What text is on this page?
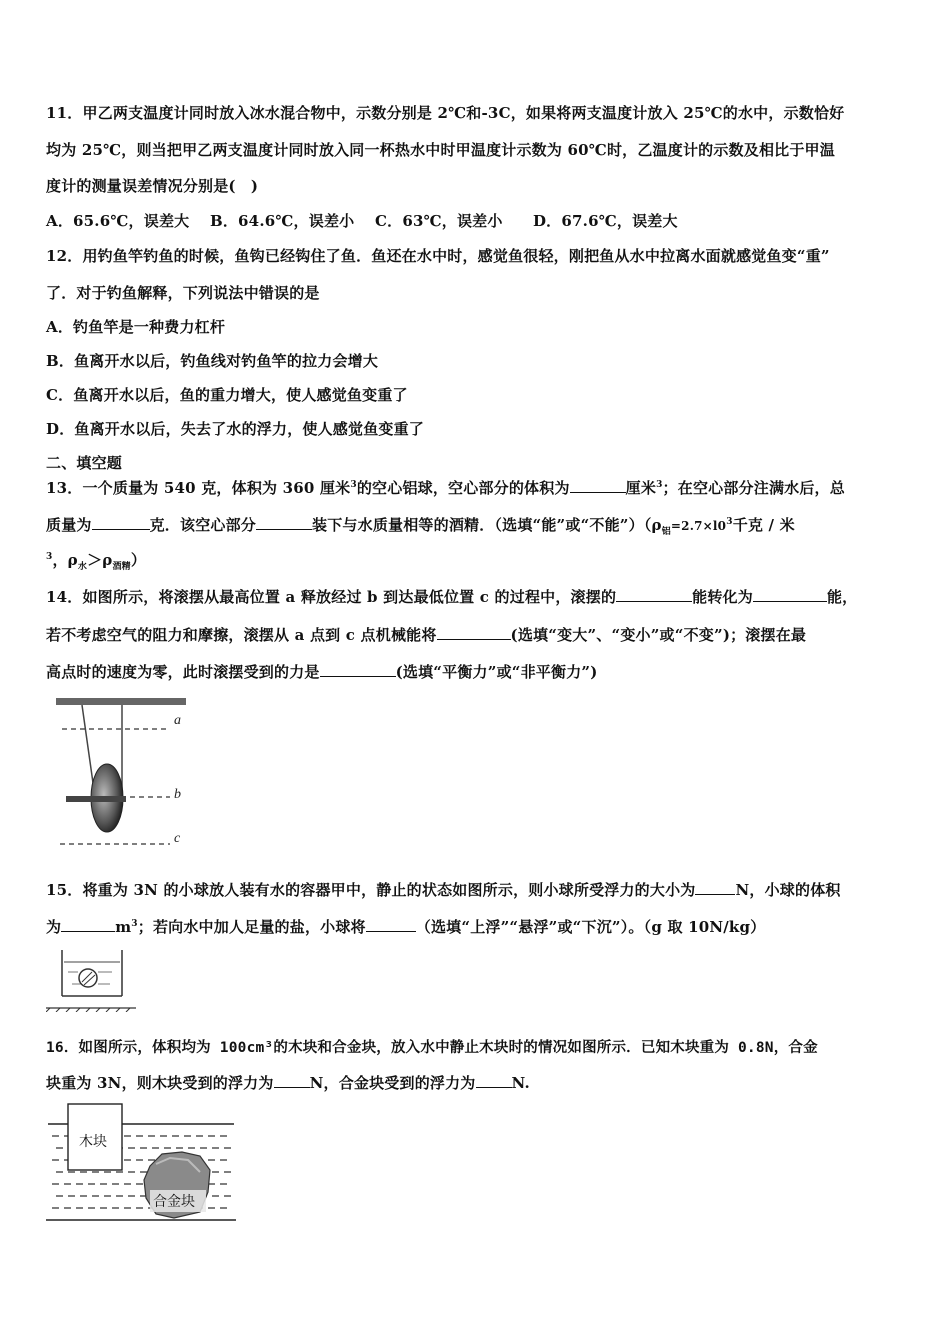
11．甲乙两支温度计同时放入冰水混合物中，示数分别是 2℃和-3C，如果将两支温度计放入 25℃的水中，示数恰好
均为 25℃，则当把甲乙两支温度计同时放入同一杯热水中时甲温度计示数为 60℃时，乙温度计的示数及相比于甲温
度计的测量误差情况分别是(　)
A．65.6℃，误差大　 B．64.6℃，误差小　 C．63℃，误差小　　D．67.6℃，误差大
12．用钓鱼竿钓鱼的时候，鱼钩已经钩住了鱼．鱼还在水中时，感觉鱼很轻，刚把鱼从水中拉离水面就感觉鱼变“重”
了．对于钓鱼解释，下列说法中错误的是
A．钓鱼竿是一种费力杠杆
B．鱼离开水以后，钓鱼线对钓鱼竿的拉力会增大
C．鱼离开水以后，鱼的重力增大，使人感觉鱼变重了
D．鱼离开水以后，失去了水的浮力，使人感觉鱼变重了
二、填空题
13．一个质量为 540 克，体积为 360 厘米$^3$的空心铝球，空心部分的体积为	厘米$^3$；在空心部分注满水后，总
质量为	克．该空心部分	装下与水质量相等的酒精．（选填“能”或“不能$”)(\rho_铝=2.7\times l0^3$千克 / 米
$^3$，$\rho_水>\rho_{酒精}$）
14．如图所示，将滚摆从最高位置 a 释放经过 b 到达最低位置 c 的过程中，滚摆的	能转化为	能，
若不考虑空气的阻力和摩擦，滚摆从 a 点到 c 点机械能将	(选填“变大”、“变小”或“不变”)；滚摆在最
高点时的速度为零，此时滚摆受到的力是	(选填“平衡力”或“非平衡力”)
a
b
c
15．将重为 3N 的小球放人装有水的容器甲中，静止的状态如图所示，则小球所受浮力的大小为	N，小球的体积
为	$m^3$；若向水中加人足量的盐，小球将	（选填“上浮”“悬浮”或“下沉”）。（g 取 10N/kg）
16．如图所示，体积均为 100cm³的木块和合金块，放入水中静止木块时的情况如图所示．已知木块重为 0.8N，合金
块重为 3N，则木块受到的浮力为 N，合金块受到的浮力为 N.
木块
合金块
